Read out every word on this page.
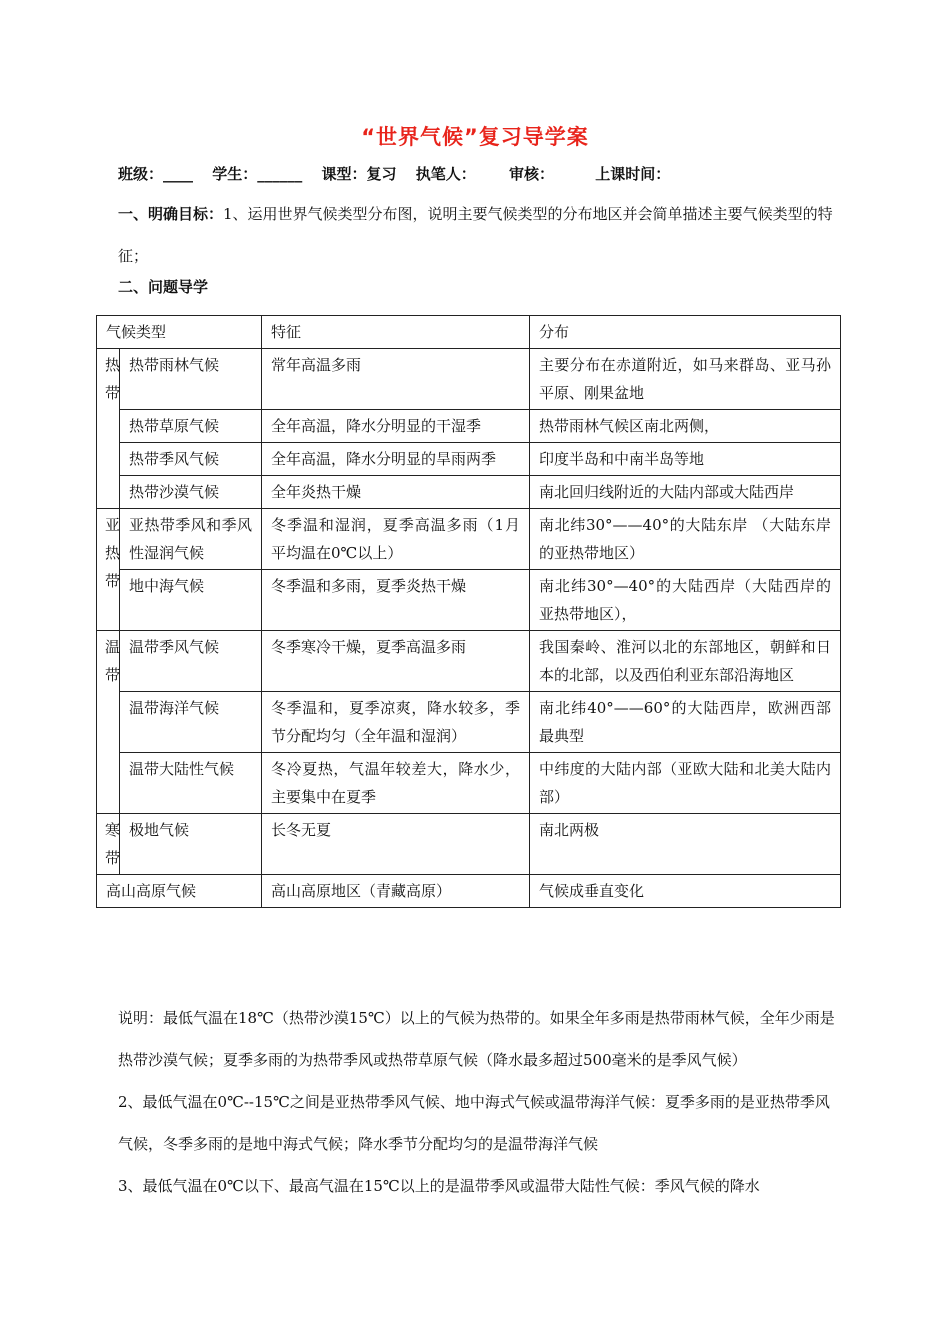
“世界气候”复习导学案
班级：____ 学生：______ 课型：复习 执笔人： 审核：	上课时间：
一、明确目标：1、运用世界气候类型分布图，说明主要气候类型的分布地区并会简单描述主要气候类型的特征；
二、问题导学
气候类型		特征	分布
热带	热带雨林气候	常年高温多雨	主要分布在赤道附近，如马来群岛、亚马孙平原、刚果盆地
	热带草原气候	全年高温，降水分明显的干湿季	热带雨林气候区南北两侧，
	热带季风气候	全年高温，降水分明显的旱雨两季	印度半岛和中南半岛等地
	热带沙漠气候	全年炎热干燥	南北回归线附近的大陆内部或大陆西岸
亚热带	亚热带季风和季风性湿润气候	冬季温和湿润，夏季高温多雨（1月平均温在0℃以上）	南北纬30°——40°的大陆东岸 （大陆东岸的亚热带地区）
	地中海气候	冬季温和多雨，夏季炎热干燥	南北纬30°—40°的大陆西岸（大陆西岸的亚热带地区），
温带	温带季风气候	冬季寒冷干燥，夏季高温多雨	我国秦岭、淮河以北的东部地区，朝鲜和日本的北部，以及西伯利亚东部沿海地区
	温带海洋气候	冬季温和，夏季凉爽，降水较多，季节分配均匀（全年温和湿润）	南北纬40°——60°的大陆西岸，欧洲西部最典型
	温带大陆性气候	冬冷夏热，气温年较差大，降水少，主要集中在夏季	中纬度的大陆内部（亚欧大陆和北美大陆内部）
寒带	极地气候	长冬无夏	南北两极
高山高原气候		高山高原地区（青藏高原）	气候成垂直变化

说明：最低气温在18℃（热带沙漠15℃）以上的气候为热带的。如果全年多雨是热带雨林气候，全年少雨是热带沙漠气候；夏季多雨的为热带季风或热带草原气候（降水最多超过500毫米的是季风气候）

2、最低气温在0℃--15℃之间是亚热带季风气候、地中海式气候或温带海洋气候：夏季多雨的是亚热带季风气候，冬季多雨的是地中海式气候；降水季节分配均匀的是温带海洋气候

3、最低气温在0℃以下、最高气温在15℃以上的是温带季风或温带大陆性气候：季风气候的降水
